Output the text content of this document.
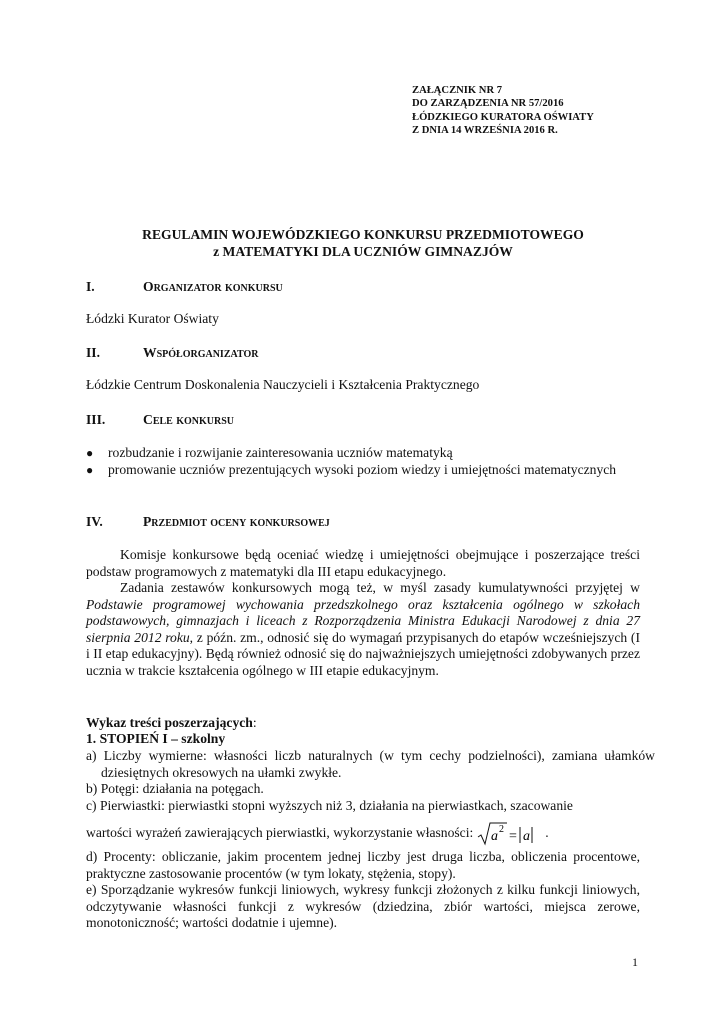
ZAŁĄCZNIK NR 7
DO ZARZĄDZENIA NR 57/2016
ŁÓDZKIEGO KURATORA OŚWIATY
Z DNIA 14 WRZEŚNIA 2016 R.
REGULAMIN WOJEWÓDZKIEGO KONKURSU PRZEDMIOTOWEGO
z MATEMATYKI DLA UCZNIÓW GIMNAZJÓW
I.	Organizator konkursu
Łódzki Kurator Oświaty
II.	Współorganizator
Łódzkie Centrum Doskonalenia Nauczycieli i Kształcenia Praktycznego
III.	Cele konkursu
●	rozbudzanie i rozwijanie zainteresowania uczniów matematyką
●	promowanie uczniów prezentujących wysoki poziom wiedzy i umiejętności matematycznych
IV.	Przedmiot oceny konkursowej
Komisje konkursowe będą oceniać wiedzę i umiejętności obejmujące i poszerzające treści podstaw programowych z matematyki dla III etapu edukacyjnego.
Zadania zestawów konkursowych mogą też, w myśl zasady kumulatywności przyjętej w Podstawie programowej wychowania przedszkolnego oraz kształcenia ogólnego w szkołach podstawowych, gimnazjach i liceach z Rozporządzenia Ministra Edukacji Narodowej z dnia 27 sierpnia 2012 roku, z późn. zm., odnosić się do wymagań przypisanych do etapów wcześniejszych (I i II etap edukacyjny). Będą również odnosić się do najważniejszych umiejętności zdobywanych przez ucznia w trakcie kształcenia ogólnego w III etapie edukacyjnym.
Wykaz treści poszerzających:
1. STOPIEŃ I – szkolny
a) Liczby wymierne: własności liczb naturalnych (w tym cechy podzielności), zamiana ułamków dziesiętnych okresowych na ułamki zwykłe.
b) Potęgi: działania na potęgach.
c) Pierwiastki: pierwiastki stopni wyższych niż 3, działania na pierwiastkach, szacowanie
wartości wyrażeń zawierających pierwiastki, wykorzystanie własności: a 2 = a .
d) Procenty: obliczanie, jakim procentem jednej liczby jest druga liczba, obliczenia procentowe, praktyczne zastosowanie procentów (w tym lokaty, stężenia, stopy).
e) Sporządzanie wykresów funkcji liniowych, wykresy funkcji złożonych z kilku funkcji liniowych, odczytywanie własności funkcji z wykresów (dziedzina, zbiór wartości, miejsca zerowe, monotoniczność; wartości dodatnie i ujemne).
1
